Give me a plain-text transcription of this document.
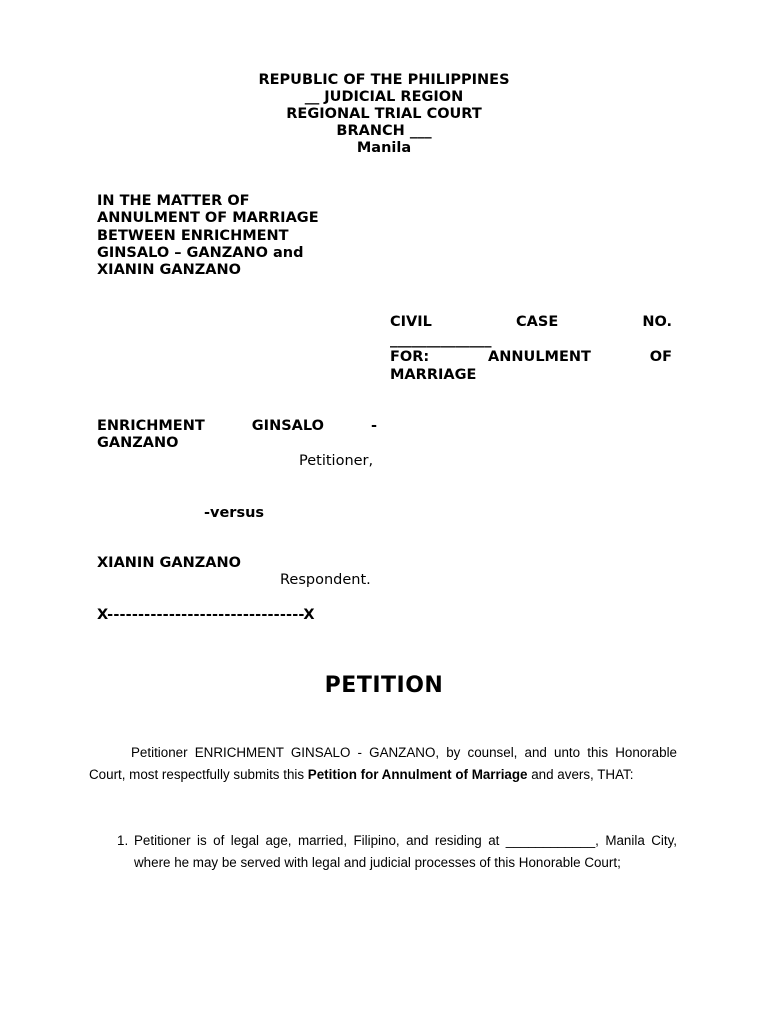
REPUBLIC OF THE PHILIPPINES
__ JUDICIAL REGION
REGIONAL TRIAL COURT
BRANCH ___
Manila
IN THE MATTER OF
ANNULMENT OF MARRIAGE
BETWEEN ENRICHMENT
GINSALO – GANZANO and
XIANIN GANZANO
CIVIL	CASE	NO.
______________
FOR:	ANNULMENT	OF
MARRIAGE
ENRICHMENT	GINSALO	-
GANZANO
Petitioner,
-versus
XIANIN GANZANO
Respondent.
X--------------------------------X
PETITION
Petitioner ENRICHMENT GINSALO - GANZANO, by counsel, and unto this Honorable Court, most respectfully submits this Petition for Annulment of Marriage and avers, THAT:
1. Petitioner is of legal age, married, Filipino, and residing at ____________, Manila City, where he may be served with legal and judicial processes of this Honorable Court;
